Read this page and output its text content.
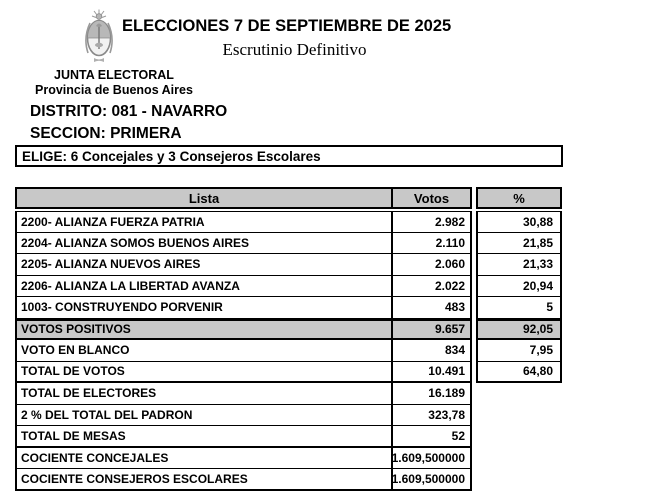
ELECCIONES 7 DE SEPTIEMBRE DE 2025
Escrutinio Definitivo
JUNTA ELECTORAL
Provincia de Buenos Aires
DISTRITO: 081 - NAVARRO
SECCION: PRIMERA
ELIGE: 6 Concejales y 3 Consejeros Escolares
Lista	Votos	%
2200- ALIANZA FUERZA PATRIA	2.982	30,88
2204- ALIANZA SOMOS BUENOS AIRES	2.110	21,85
2205- ALIANZA NUEVOS AIRES	2.060	21,33
2206- ALIANZA LA LIBERTAD AVANZA	2.022	20,94
1003- CONSTRUYENDO PORVENIR	483	5
VOTOS POSITIVOS	9.657	92,05
VOTO EN BLANCO	834	7,95
TOTAL DE VOTOS	10.491	64,80
TOTAL DE ELECTORES	16.189
2 % DEL TOTAL DEL PADRON	323,78
TOTAL DE MESAS	52
COCIENTE CONCEJALES	1.609,500000
COCIENTE CONSEJEROS ESCOLARES	1.609,500000
